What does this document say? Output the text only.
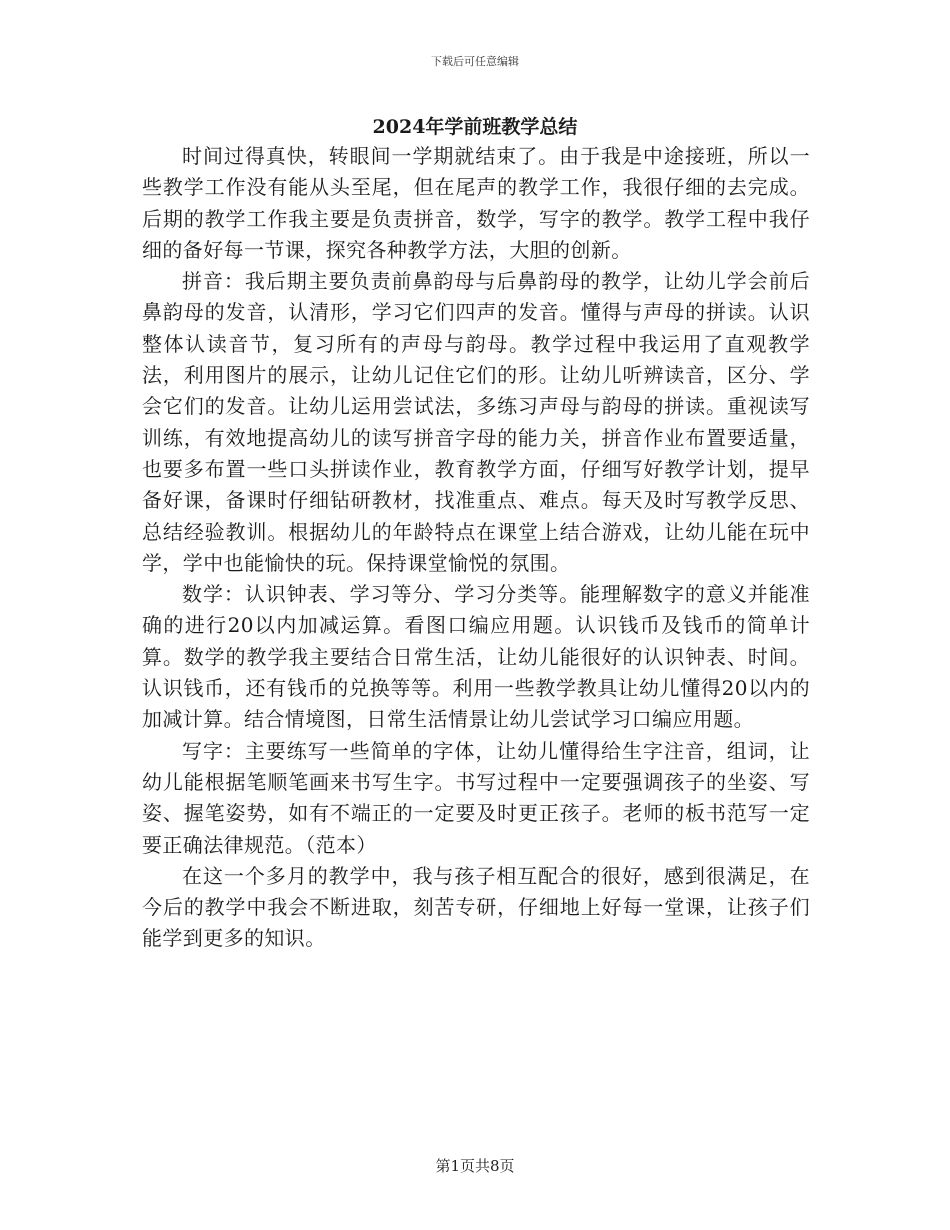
下载后可任意编辑
2024年学前班教学总结

时间过得真快，转眼间一学期就结束了。由于我是中途接班，所以一些教学工作没有能从头至尾，但在尾声的教学工作，我很仔细的去完成。后期的教学工作我主要是负责拼音，数学，写字的教学。教学工程中我仔细的备好每一节课，探究各种教学方法，大胆的创新。

拼音：我后期主要负责前鼻韵母与后鼻韵母的教学，让幼儿学会前后鼻韵母的发音，认清形，学习它们四声的发音。懂得与声母的拼读。认识整体认读音节，复习所有的声母与韵母。教学过程中我运用了直观教学法，利用图片的展示，让幼儿记住它们的形。让幼儿听辨读音，区分、学会它们的发音。让幼儿运用尝试法，多练习声母与韵母的拼读。重视读写训练，有效地提高幼儿的读写拼音字母的能力关，拼音作业布置要适量，也要多布置一些口头拼读作业，教育教学方面，仔细写好教学计划，提早备好课，备课时仔细钻研教材，找准重点、难点。每天及时写教学反思、总结经验教训。根据幼儿的年龄特点在课堂上结合游戏，让幼儿能在玩中学，学中也能愉快的玩。保持课堂愉悦的氛围。

数学：认识钟表、学习等分、学习分类等。能理解数字的意义并能准确的进行20以内加减运算。看图口编应用题。认识钱币及钱币的简单计算。数学的教学我主要结合日常生活，让幼儿能很好的认识钟表、时间。认识钱币，还有钱币的兑换等等。利用一些教学教具让幼儿懂得20以内的加减计算。结合情境图，日常生活情景让幼儿尝试学习口编应用题。

写字：主要练写一些简单的字体，让幼儿懂得给生字注音，组词，让幼儿能根据笔顺笔画来书写生字。书写过程中一定要强调孩子的坐姿、写姿、握笔姿势，如有不端正的一定要及时更正孩子。老师的板书范写一定要正确法律规范。（范本）

在这一个多月的教学中，我与孩子相互配合的很好，感到很满足，在今后的教学中我会不断进取，刻苦专研，仔细地上好每一堂课，让孩子们能学到更多的知识。

第1页共8页
